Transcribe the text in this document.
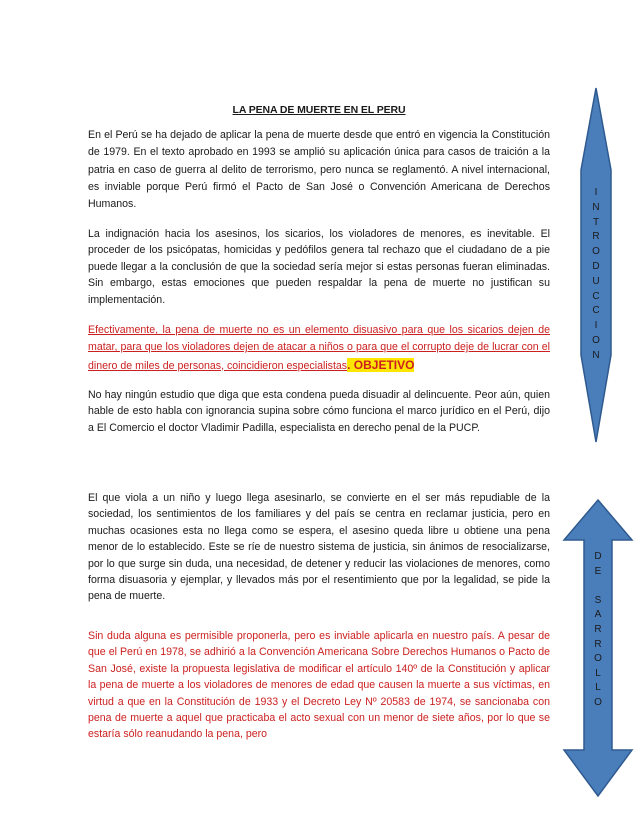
I
N
T
R
O
D
U
C
C
I
O
N
D
E

S
A
R
R
O
L
L
O
LA PENA DE MUERTE EN EL PERU

En el Perú se ha dejado de aplicar la pena de muerte desde que entró en vigencia la Constitución de 1979. En el texto aprobado en 1993 se amplió su aplicación única para casos de traición a la patria en caso de guerra al delito de terrorismo, pero nunca se reglamentó. A nivel internacional, es inviable porque Perú firmó el Pacto de San José o Convención Americana de Derechos Humanos.

La indignación hacia los asesinos, los sicarios, los violadores de menores, es inevitable. El proceder de los psicópatas, homicidas y pedófilos genera tal rechazo que el ciudadano de a pie puede llegar a la conclusión de que la sociedad sería mejor si estas personas fueran eliminadas. Sin embargo, estas emociones que pueden respaldar la pena de muerte no justifican su implementación.

Efectivamente, la pena de muerte no es un elemento disuasivo para que los sicarios dejen de matar, para que los violadores dejen de atacar a niños o para que el corrupto deje de lucrar con el dinero de miles de personas, coincidieron especialistas. OBJETIVO

No hay ningún estudio que diga que esta condena pueda disuadir al delincuente. Peor aún, quien hable de esto habla con ignorancia supina sobre cómo funciona el marco jurídico en el Perú, dijo a El Comercio el doctor Vladimir Padilla, especialista en derecho penal de la PUCP.

El que viola a un niño y luego llega asesinarlo, se convierte en el ser más repudiable de la sociedad, los sentimientos de los familiares y del país se centra en reclamar justicia, pero en muchas ocasiones esta no llega como se espera, el asesino queda libre u obtiene una pena menor de lo establecido. Este se ríe de nuestro sistema de justicia, sin ánimos de resocializarse, por lo que surge sin duda, una necesidad, de detener y reducir las violaciones de menores, como forma disuasoria y ejemplar, y llevados más por el resentimiento que por la legalidad, se pide la pena de muerte.

Sin duda alguna es permisible proponerla, pero es inviable aplicarla en nuestro país. A pesar de que el Perú en 1978, se adhirió a la Convención Americana Sobre Derechos Humanos o Pacto de San José, existe la propuesta legislativa de modificar el artículo 140º de la Constitución y aplicar la pena de muerte a los violadores de menores de edad que causen la muerte a sus víctimas, en virtud a que en la Constitución de 1933 y el Decreto Ley Nº 20583 de 1974, se sancionaba con pena de muerte a aquel que practicaba el acto sexual con un menor de siete años, por lo que se estaría sólo reanudando la pena, pero
